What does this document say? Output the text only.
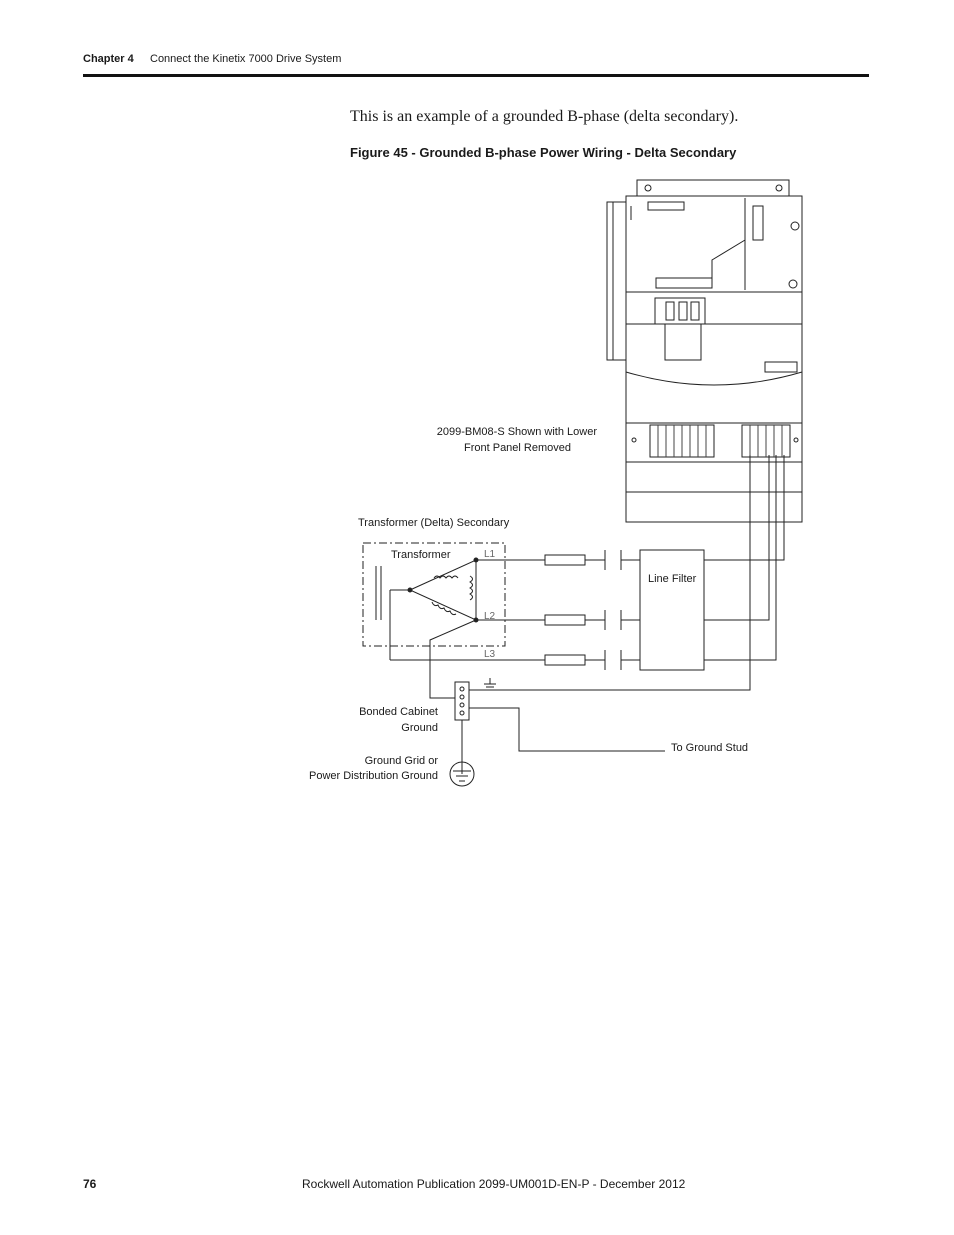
Chapter 4 Connect the Kinetix 7000 Drive System
This is an example of a grounded B-phase (delta secondary).
Figure 45 - Grounded B-phase Power Wiring - Delta Secondary
2099-BM08-S Shown with Lower
Front Panel Removed
Transformer (Delta) Secondary
Transformer	L1
L2
L3
Line Filter
Bonded Cabinet
Ground
To Ground Stud
Ground Grid or
Power Distribution Ground
76	Rockwell Automation Publication 2099-UM001D-EN-P - December 2012
